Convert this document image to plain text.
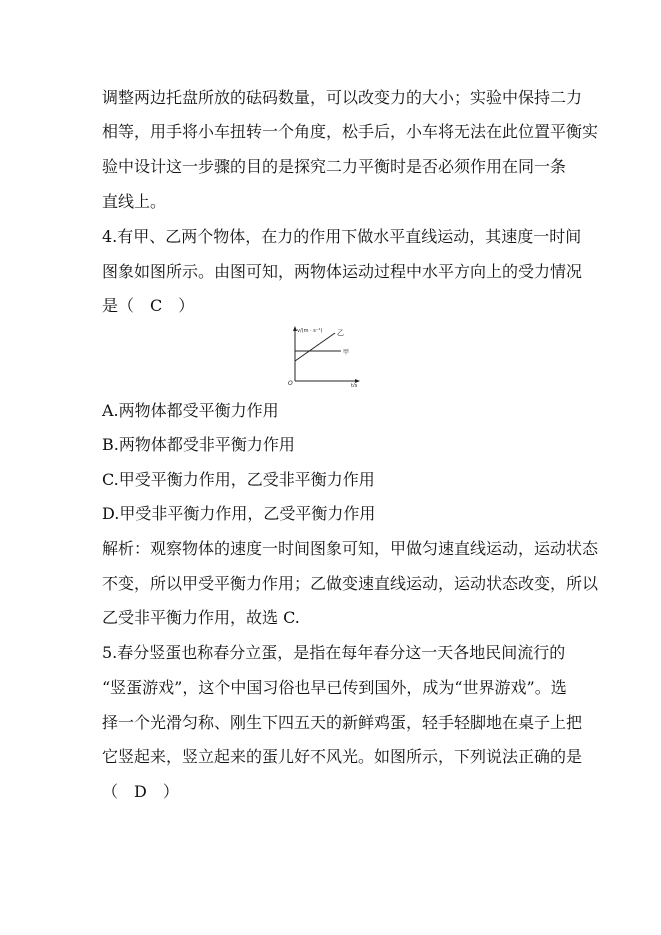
调整两边托盘所放的砝码数量，可以改变力的大小；实验中保持二力
相等，用手将小车扭转一个角度，松手后，小车将无法在此位置平衡实
验中设计这一步骤的目的是探究二力平衡时是否必须作用在同一条
直线上。
4.有甲、乙两个物体，在力的作用下做水平直线运动，其速度一时间
图象如图所示。由图可知，两物体运动过程中水平方向上的受力情况
是（　C　）
v/(m · s⁻¹)
t/s
O
乙
甲
A.两物体都受平衡力作用
B.两物体都受非平衡力作用
C.甲受平衡力作用，乙受非平衡力作用
D.甲受非平衡力作用，乙受平衡力作用
解析：观察物体的速度一时间图象可知，甲做匀速直线运动，运动状态
不变，所以甲受平衡力作用；乙做变速直线运动，运动状态改变，所以
乙受非平衡力作用，故选 C.
5.春分竖蛋也称春分立蛋，是指在每年春分这一天各地民间流行的
“竖蛋游戏”，这个中国习俗也早已传到国外，成为“世界游戏”。选
择一个光滑匀称、刚生下四五天的新鲜鸡蛋，轻手轻脚地在桌子上把
它竖起来，竖立起来的蛋儿好不风光。如图所示，下列说法正确的是
（　D　）
